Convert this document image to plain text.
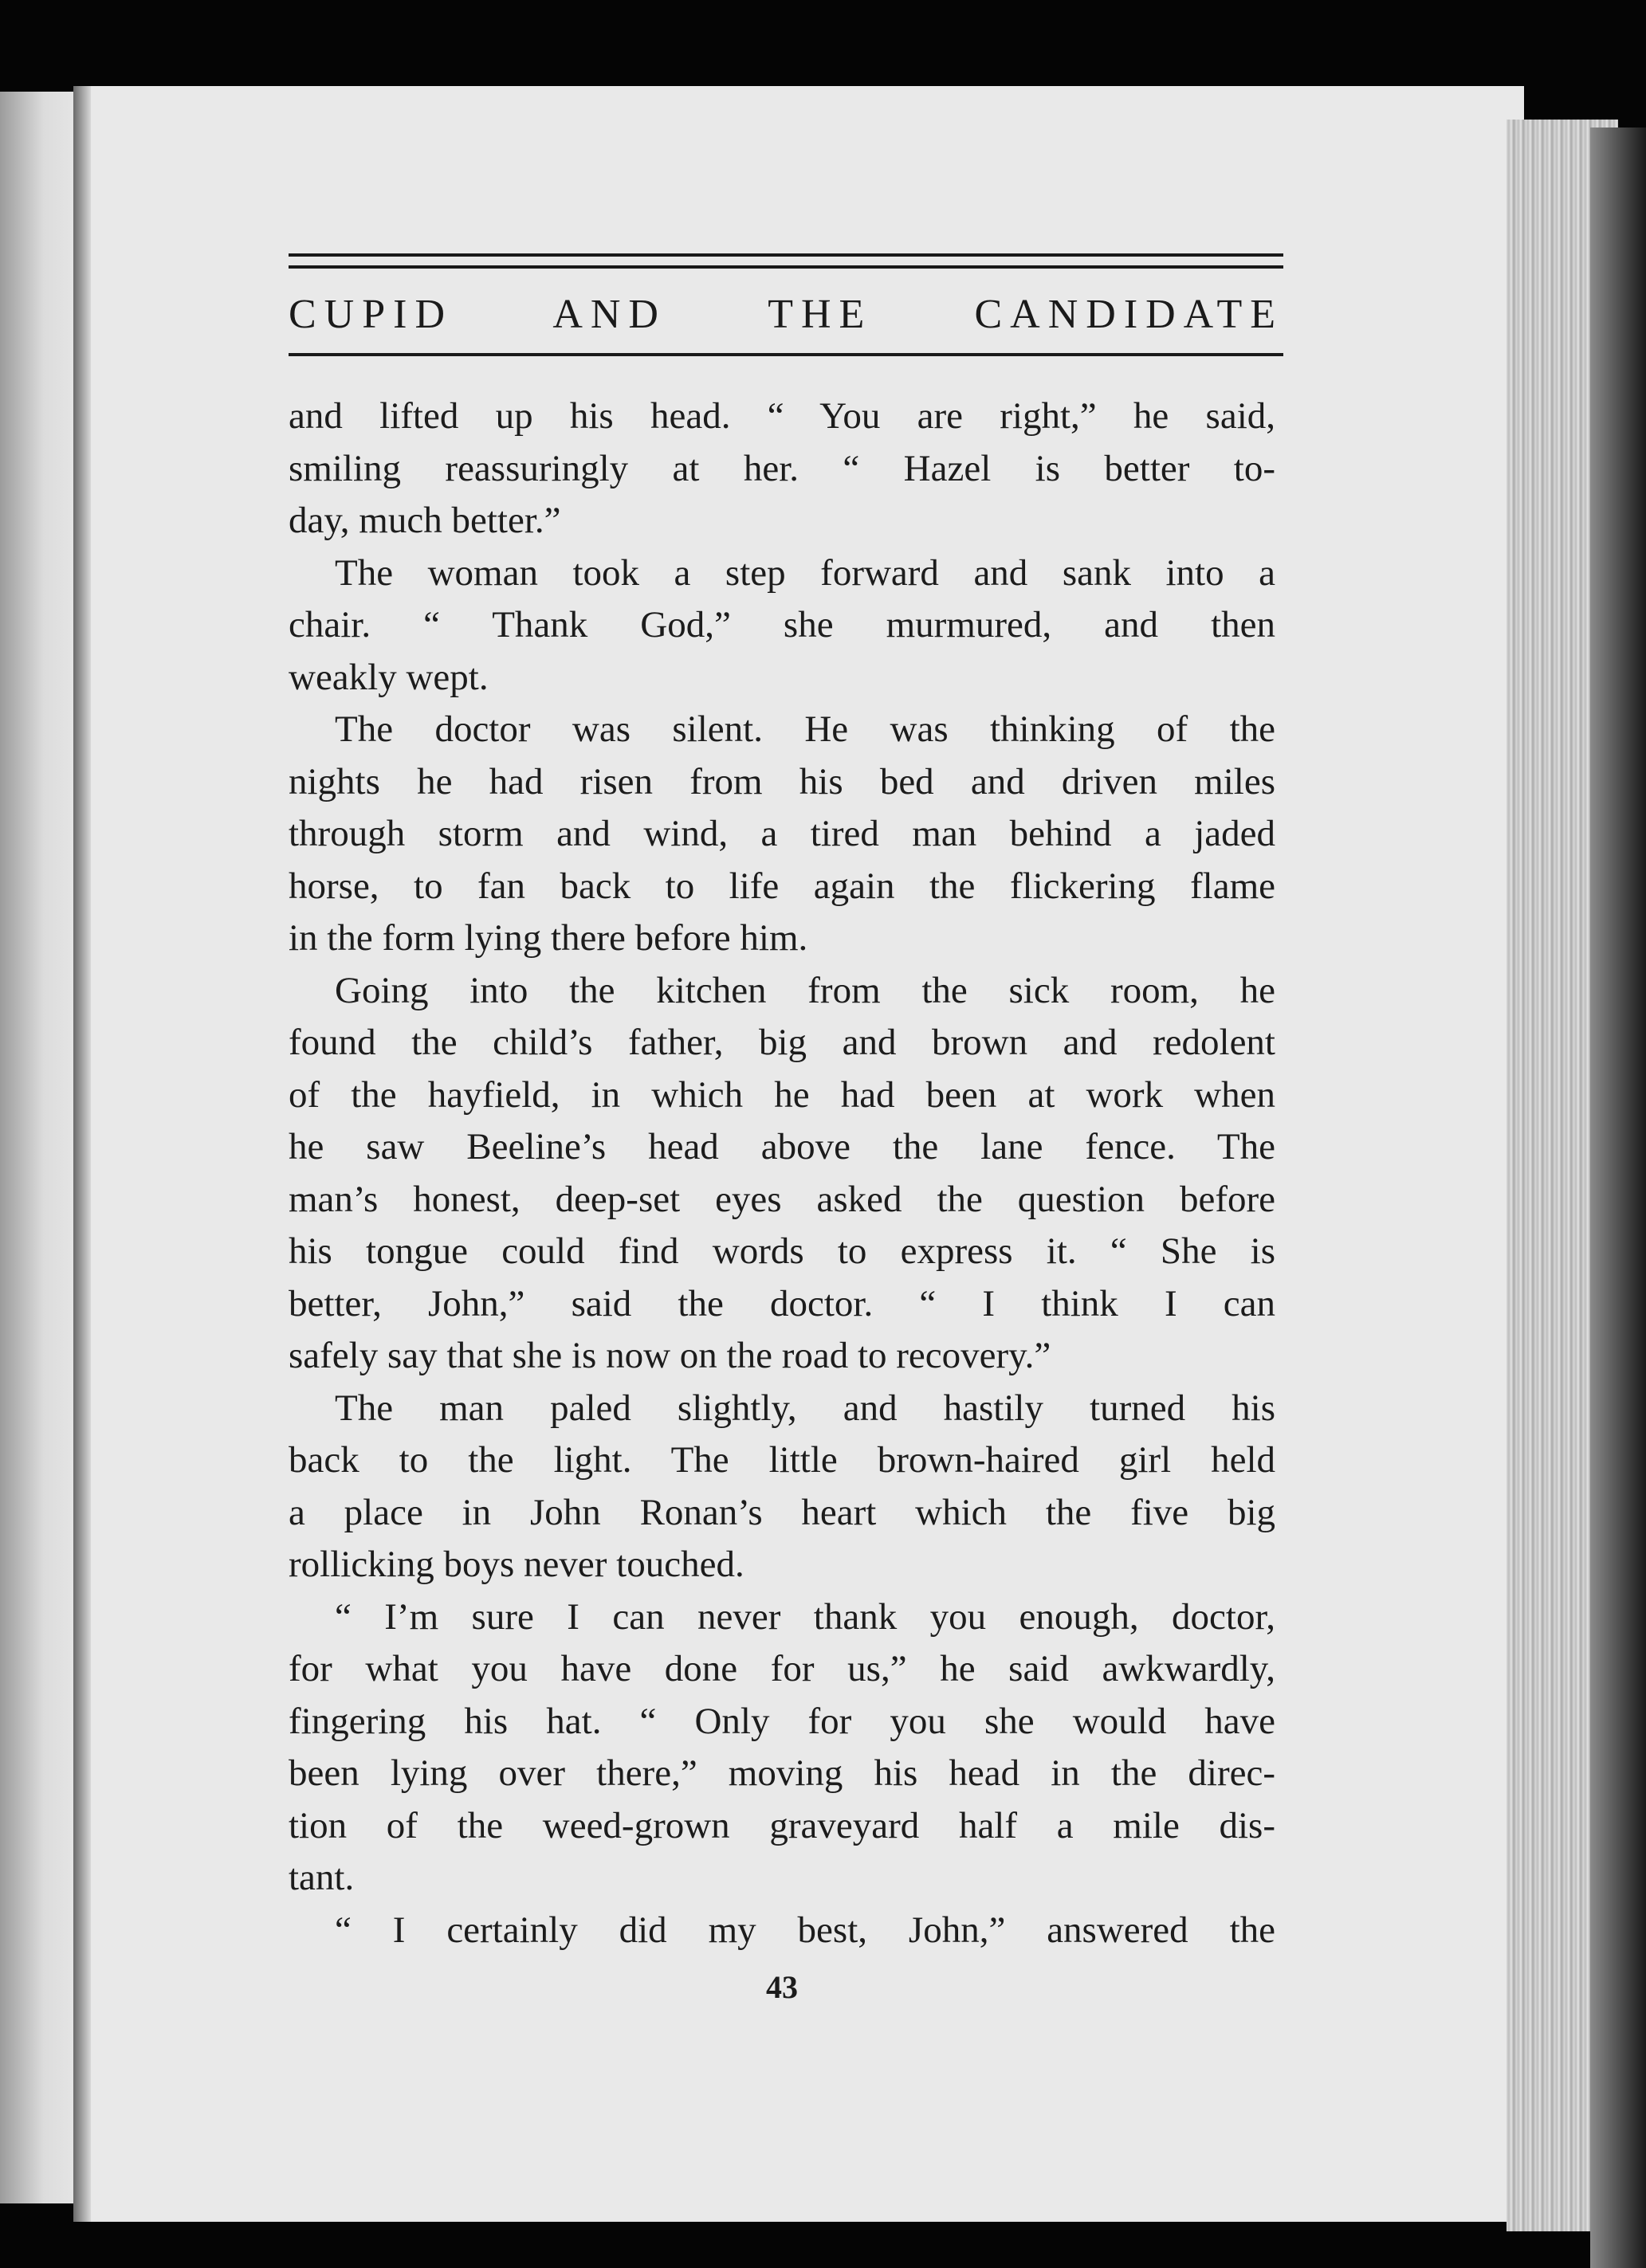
CUPID AND THE CANDIDATE
and lifted up his head. “ You are right,” he said,
smiling reassuringly at her. “ Hazel is better to-
day, much better.”
The woman took a step forward and sank into a
chair. “ Thank God,” she murmured, and then
weakly wept.
The doctor was silent. He was thinking of the
nights he had risen from his bed and driven miles
through storm and wind, a tired man behind a jaded
horse, to fan back to life again the flickering flame
in the form lying there before him.
Going into the kitchen from the sick room, he
found the child’s father, big and brown and redolent
of the hayfield, in which he had been at work when
he saw Beeline’s head above the lane fence. The
man’s honest, deep-set eyes asked the question before
his tongue could find words to express it. “ She is
better, John,” said the doctor. “ I think I can
safely say that she is now on the road to recovery.”
The man paled slightly, and hastily turned his
back to the light. The little brown-haired girl held
a place in John Ronan’s heart which the five big
rollicking boys never touched.
“ I’m sure I can never thank you enough, doctor,
for what you have done for us,” he said awkwardly,
fingering his hat. “ Only for you she would have
been lying over there,” moving his head in the direc-
tion of the weed-grown graveyard half a mile dis-
tant.
“ I certainly did my best, John,” answered the
43
